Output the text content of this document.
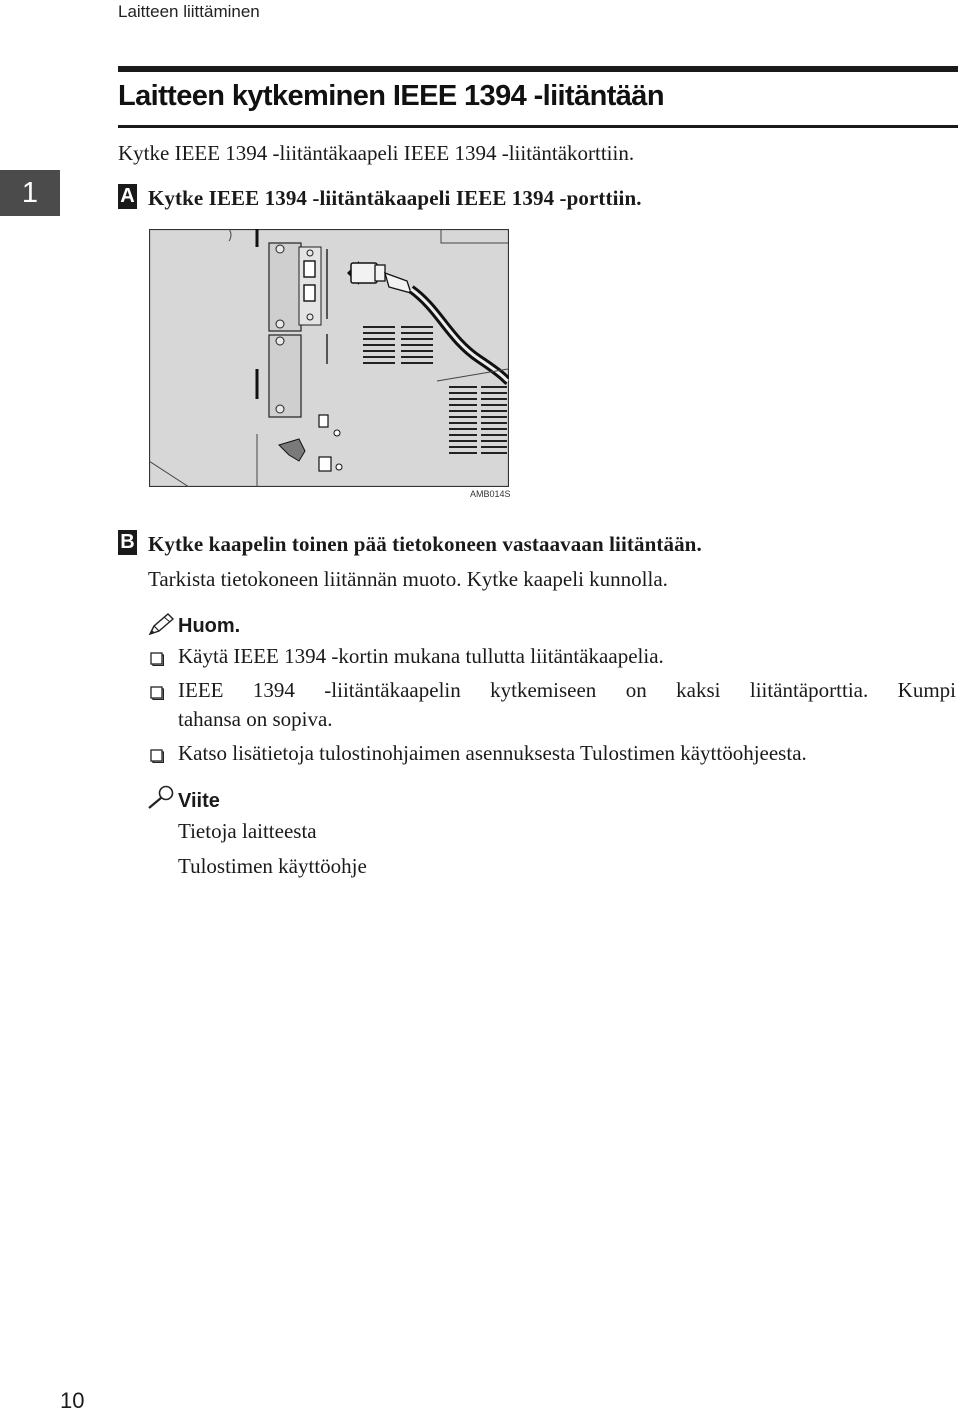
Laitteen liittäminen
Laitteen kytkeminen IEEE 1394 -liitäntään
1
Kytke IEEE 1394 -liitäntäkaapeli IEEE 1394 -liitäntäkorttiin.
A Kytke IEEE 1394 -liitäntäkaapeli IEEE 1394 -porttiin.
AMB014S
B Kytke kaapelin toinen pää tietokoneen vastaavaan liitäntään.
Tarkista tietokoneen liitännän muoto. Kytke kaapeli kunnolla.
Huom.
Käytä IEEE 1394 -kortin mukana tullutta liitäntäkaapelia.
IEEE 1394 -liitäntäkaapelin kytkemiseen on kaksi liitäntäporttia. Kumpi
tahansa on sopiva.
Katso lisätietoja tulostinohjaimen asennuksesta Tulostimen käyttöohjeesta.
Viite
Tietoja laitteesta
Tulostimen käyttöohje
10
